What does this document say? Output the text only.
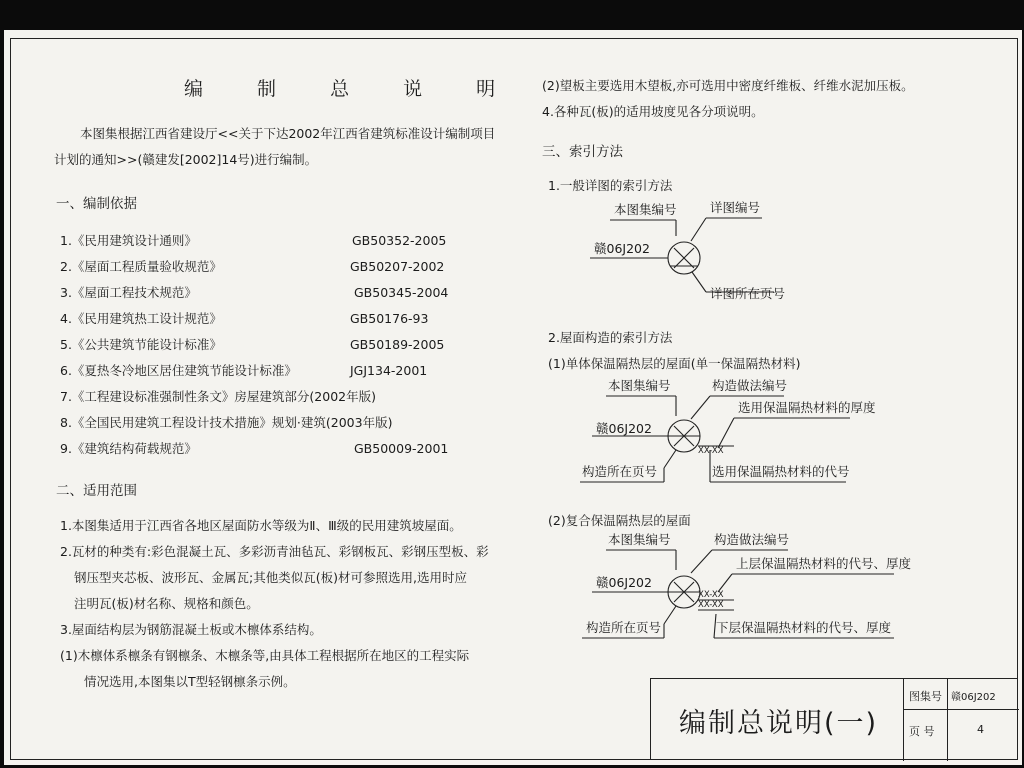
编 制 总 说 明
本图集根据江西省建设厅<<关于下达2002年江西省建筑标准设计编制项目
计划的通知>>(赣建发[2002]14号)进行编制。
一、编制依据
1.《民用建筑设计通则》	GB50352-2005
2.《屋面工程质量验收规范》	GB50207-2002
3.《屋面工程技术规范》	GB50345-2004
4.《民用建筑热工设计规范》	GB50176-93
5.《公共建筑节能设计标准》	GB50189-2005
6.《夏热冬冷地区居住建筑节能设计标准》	JGJ134-2001
7.《工程建设标准强制性条文》房屋建筑部分(2002年版)
8.《全国民用建筑工程设计技术措施》规划·建筑(2003年版)
9.《建筑结构荷载规范》	GB50009-2001
二、适用范围
1.本图集适用于江西省各地区屋面防水等级为Ⅱ、Ⅲ级的民用建筑坡屋面。
2.瓦材的种类有:彩色混凝土瓦、多彩沥青油毡瓦、彩钢板瓦、彩钢压型板、彩
钢压型夹芯板、波形瓦、金属瓦;其他类似瓦(板)材可参照选用,选用时应
注明瓦(板)材名称、规格和颜色。
3.屋面结构层为钢筋混凝土板或木檩体系结构。
(1)木檩体系檩条有钢檩条、木檩条等,由具体工程根据所在地区的工程实际
情况选用,本图集以T型轻钢檩条示例。
(2)望板主要选用木望板,亦可选用中密度纤维板、纤维水泥加压板。
4.各种瓦(板)的适用坡度见各分项说明。
三、索引方法
1.一般详图的索引方法
本图集编号	详图编号
赣06J202
详图所在页号
2.屋面构造的索引方法
(1)单体保温隔热层的屋面(单一保温隔热材料)
本图集编号	构造做法编号
选用保温隔热材料的厚度
赣06J202
XX-XX
构造所在页号	选用保温隔热材料的代号
(2)复合保温隔热层的屋面
本图集编号	构造做法编号
上层保温隔热材料的代号、厚度
赣06J202
XX-XX
XX-XX
构造所在页号	下层保温隔热材料的代号、厚度
编制总说明(一)
图集号 赣06J202
页 号	4
